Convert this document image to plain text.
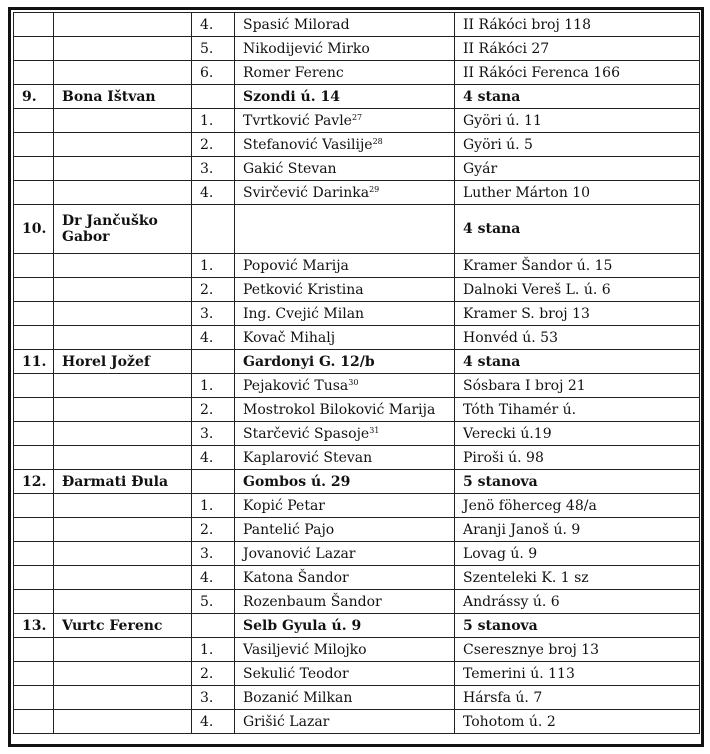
		4.	Spasić Milorad	II Rákóci broj 118
		5.	Nikodijević Mirko	II Rákóci 27
		6.	Romer Ferenc	II Rákóci Ferenca 166
9.	Bona Ištvan		Szondi ú. 14	4 stana
		1.	Tvrtković Pavle$^{27}$	Györi ú. 11
		2.	Stefanović Vasilije$^{28}$	Györi ú. 5
		3.	Gakić Stevan	Gyár
		4.	Svirčević Darinka$^{29}$	Luther Márton 10
10.	Dr Jančuško Gabor			4 stana
		1.	Popović Marija	Kramer Šandor ú. 15
		2.	Petković Kristina	Dalnoki Vereš L. ú. 6
		3.	Ing. Cvejić Milan	Kramer S. broj 13
		4.	Kovač Mihalj	Honvéd ú. 53
11.	Horel Jožef		Gardonyi G. 12/b	4 stana
		1.	Pejaković Tusa$^{30}$	Sósbara I broj 21
		2.	Mostrokol Biloković Marija	Tóth Tihamér ú.
		3.	Starčević Spasoje$^{31}$	Verecki ú.19
		4.	Kaplarović Stevan	Piroši ú. 98
12.	Đarmati Đula		Gombos ú. 29	5 stanova
		1.	Kopić Petar	Jenö föherceg 48/a
		2.	Pantelić Pajo	Aranji Janoš ú. 9
		3.	Jovanović Lazar	Lovag ú. 9
		4.	Katona Šandor	Szenteleki K. 1 sz
		5.	Rozenbaum Šandor	Andrássy ú. 6
13.	Vurtc Ferenc		Selb Gyula ú. 9	5 stanova
		1.	Vasiljević Milojko	Cseresznye broj 13
		2.	Sekulić Teodor	Temerini ú. 113
		3.	Bozanić Milkan	Hársfa ú. 7
		4.	Grišić Lazar	Tohotom ú. 2
